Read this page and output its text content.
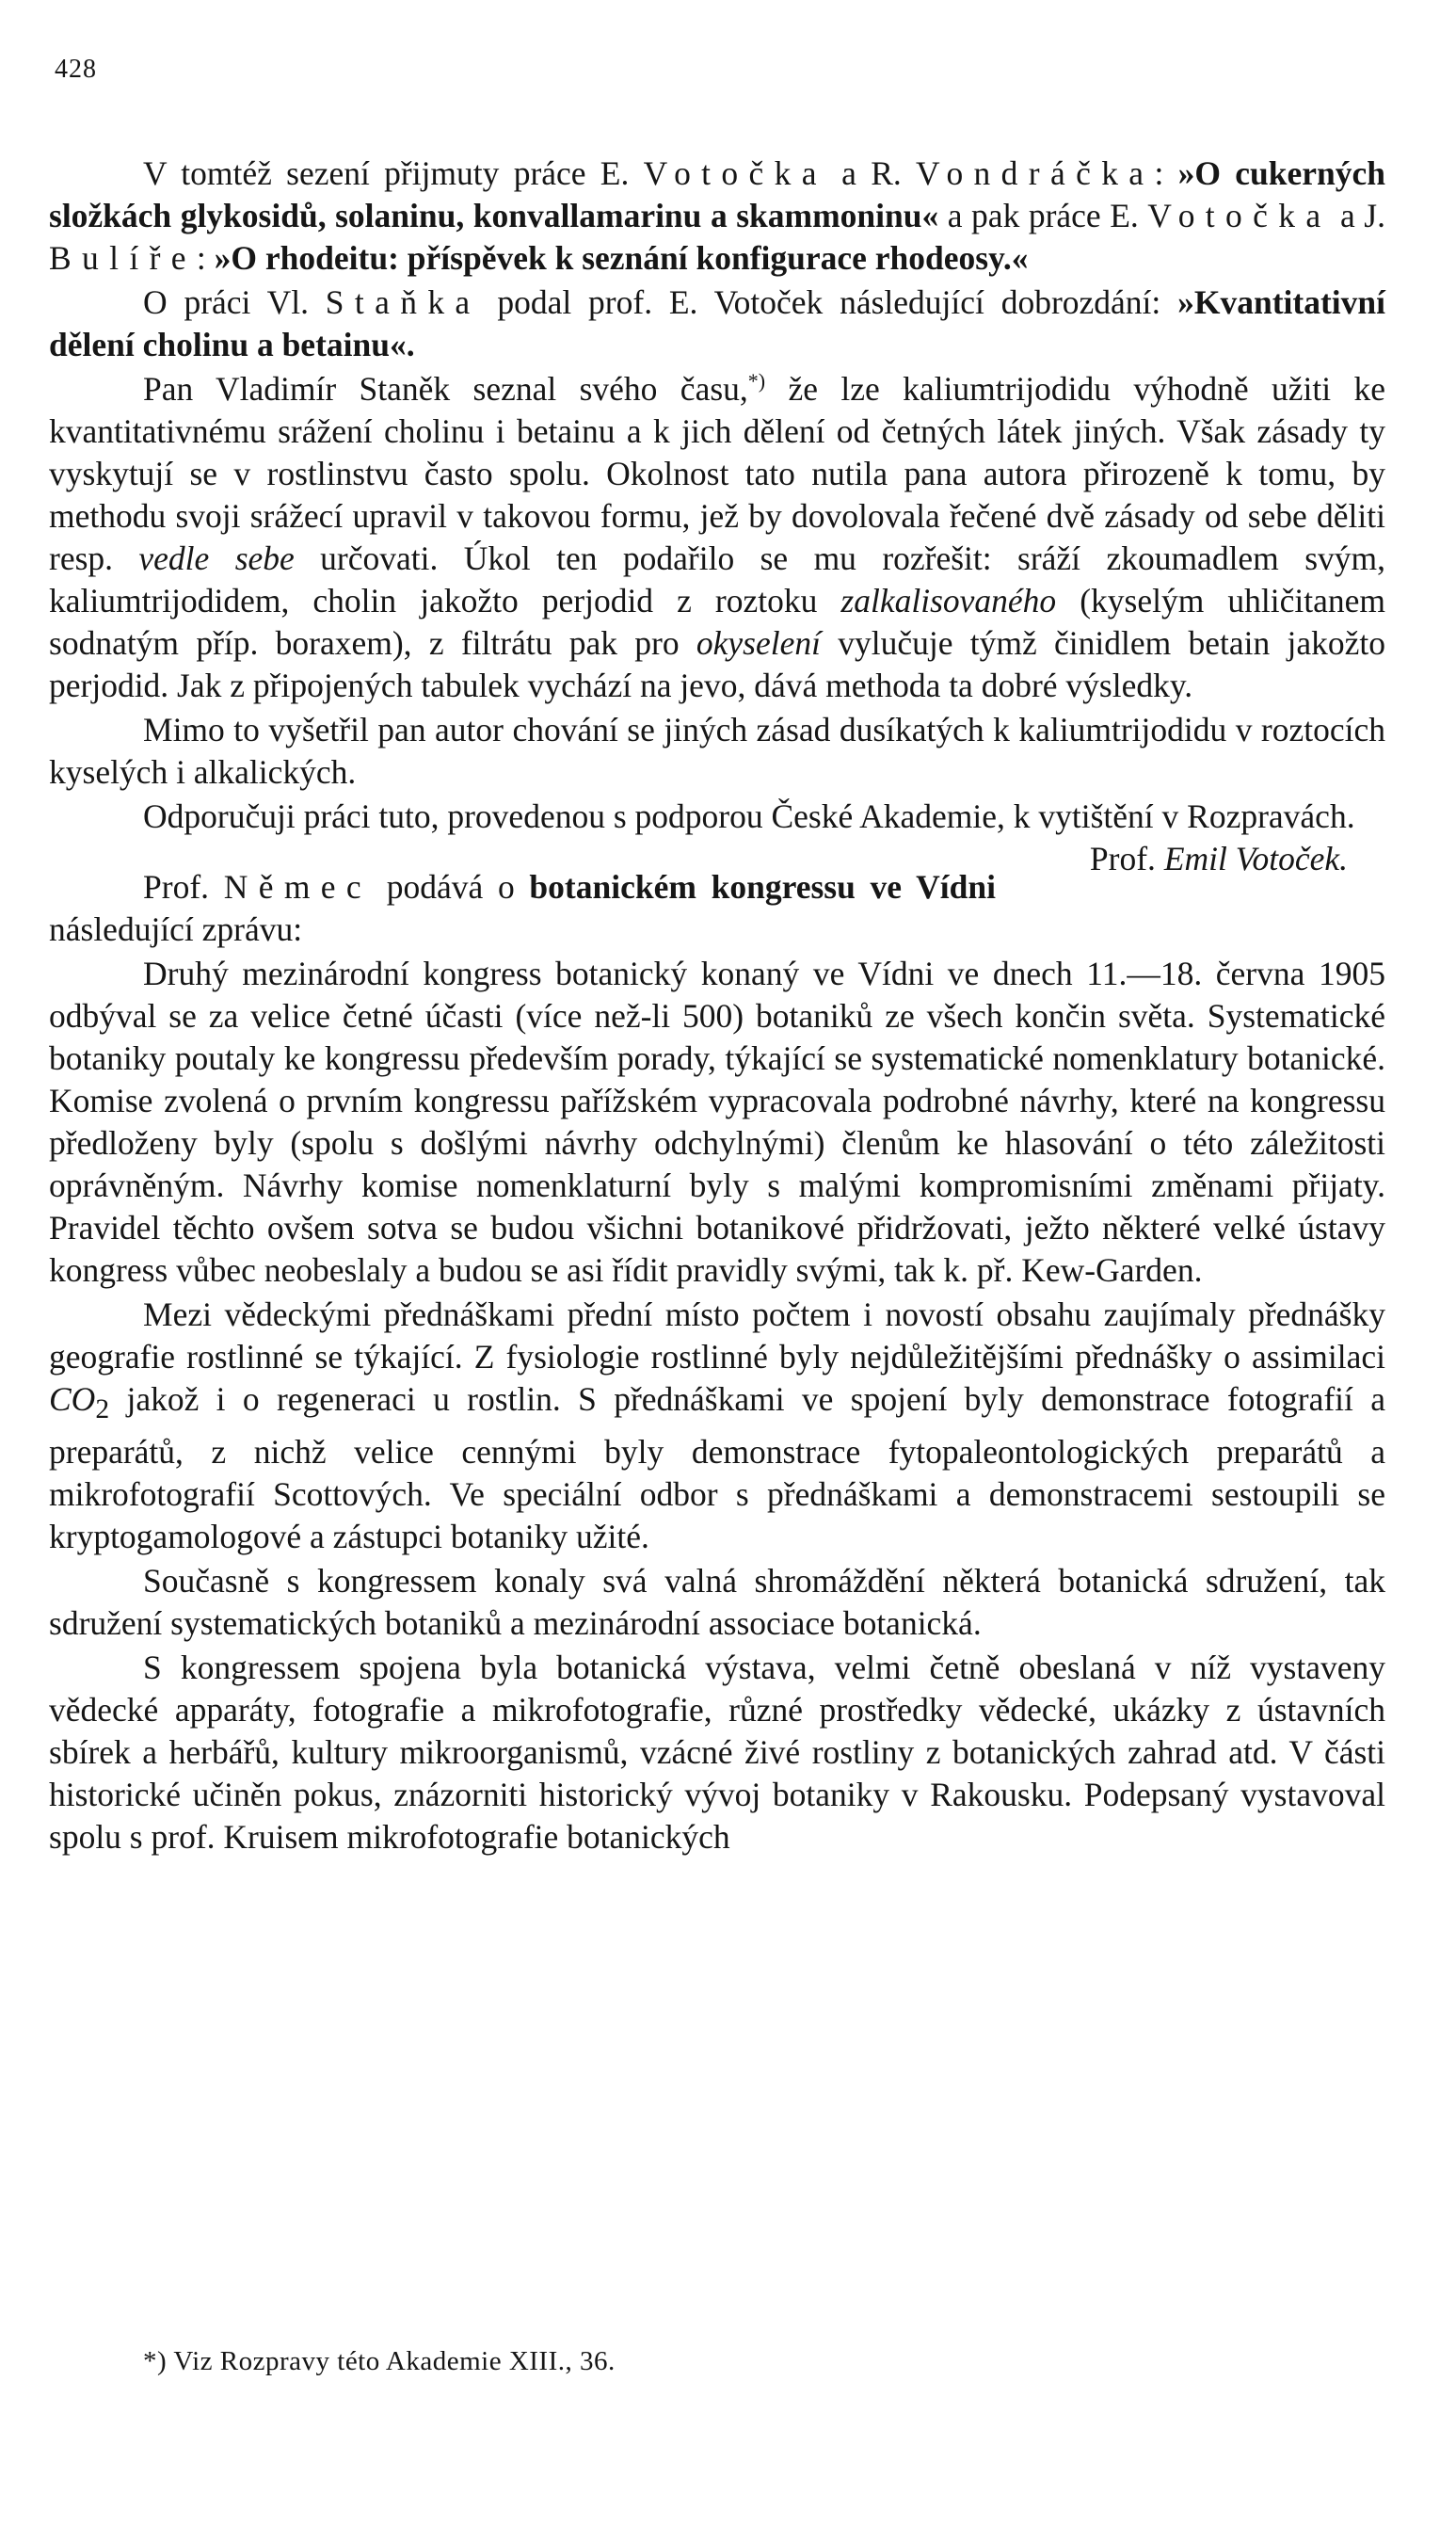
428

V tomtéž sezení přijmuty práce E. Votočka a R. Vondráčka: »O cukerných složkách glykosidů, solaninu, konvallamarinu a skammoninu« a pak práce E. Votočka a J. Bulíře: »O rhodeitu: příspěvek k seznání konfigurace rhodeosy.«

O práci Vl. Staňka podal prof. E. Votoček následující dobrozdání: »Kvantitativní dělení cholinu a betainu«.

Pan Vladimír Staněk seznal svého času,*) že lze kaliumtrijodidu výhodně užiti ke kvantitativnému srážení cholinu i betainu a k jich dělení od četných látek jiných. Však zásady ty vyskytují se v rostlinstvu často spolu. Okolnost tato nutila pana autora přirozeně k tomu, by methodu svoji srážecí upravil v takovou formu, jež by dovolovala řečené dvě zásady od sebe děliti resp. vedle sebe určovati. Úkol ten podařilo se mu rozřešit: sráží zkoumadlem svým, kaliumtrijodidem, cholin jakožto perjodid z roztoku zalkalisovaného (kyselým uhličitanem sodnatým příp. boraxem), z filtrátu pak pro okyselení vylučuje týmž činidlem betain jakožto perjodid. Jak z připojených tabulek vychází na jevo, dává methoda ta dobré výsledky.

Mimo to vyšetřil pan autor chování se jiných zásad dusíkatých k kaliumtrijodidu v roztocích kyselých i alkalických.

Odporučuji práci tuto, provedenou s podporou České Akademie, k vytištění v Rozpravách.
Prof. Emil Votoček.

Prof. Němec podává o botanickém kongressu ve Vídni následující zprávu:

Druhý mezinárodní kongress botanický konaný ve Vídni ve dnech 11.—18. června 1905 odbýval se za velice četné účasti (více než-li 500) botaniků ze všech končin světa. Systematické botaniky poutaly ke kongressu především porady, týkající se systematické nomenklatury botanické. Komise zvolená o prvním kongressu pařížském vypracovala podrobné návrhy, které na kongressu předloženy byly (spolu s došlými návrhy odchylnými) členům ke hlasování o této záležitosti oprávněným. Návrhy komise nomenklaturní byly s malými kompromisními změnami přijaty. Pravidel těchto ovšem sotva se budou všichni botanikové přidržovati, ježto některé velké ústavy kongress vůbec neobeslaly a budou se asi řídit pravidly svými, tak k. př. Kew-Garden.

Mezi vědeckými přednáškami přední místo počtem i novostí obsahu zaujímaly přednášky geografie rostlinné se týkající. Z fysiologie rostlinné byly nejdůležitějšími přednášky o assimilaci $CO_2$ jakož i o regeneraci u rostlin. S přednáškami ve spojení byly demonstrace fotografií a preparátů, z nichž velice cennými byly demonstrace fytopaleontologických preparátů a mikrofotografií Scottových. Ve speciální odbor s přednáškami a demonstracemi sestoupili se kryptogamologové a zástupci botaniky užité.

Současně s kongressem konaly svá valná shromáždění některá botanická sdružení, tak sdružení systematických botaniků a mezinárodní associace botanická.

S kongressem spojena byla botanická výstava, velmi četně obeslaná v níž vystaveny vědecké apparáty, fotografie a mikrofotografie, různé prostředky vědecké, ukázky z ústavních sbírek a herbářů, kultury mikroorganismů, vzácné živé rostliny z botanických zahrad atd. V části historické učiněn pokus, znázorniti historický vývoj botaniky v Rakousku. Podepsaný vystavoval spolu s prof. Kruisem mikrofotografie botanických

*) Viz Rozpravy této Akademie XIII., 36.
